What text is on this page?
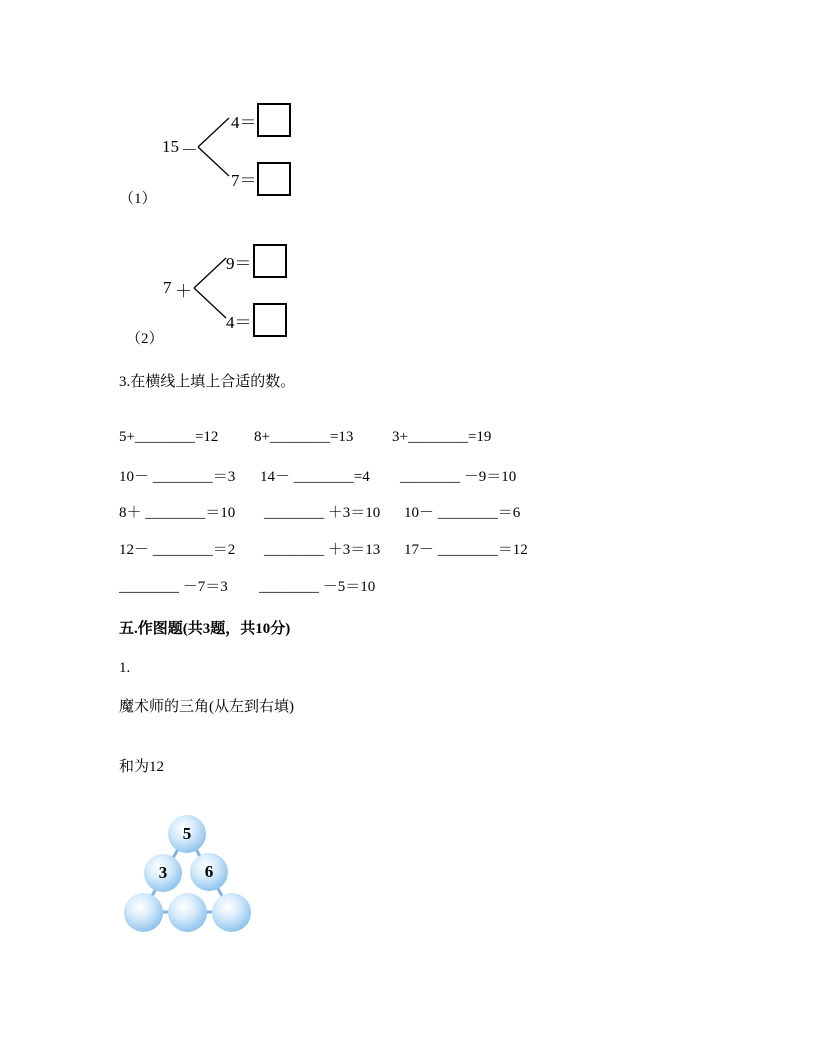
15 －
4＝
7＝
（1）
7 ＋
9＝
4＝
（2）
3.在横线上填上合适的数。
5+________=12 8+________=13	3+________=19
10－ ________＝3 14－ ________=4 ________ －9＝10
8＋ ________＝10 ________ ＋3＝10 10－ ________＝6
12－ ________＝2 ________ ＋3＝13 17－ ________＝12
________ －7＝3 ________ －5＝10
五.作图题(共3题，共10分)
1.
魔术师的三角(从左到右填)
和为12
5
3	6
